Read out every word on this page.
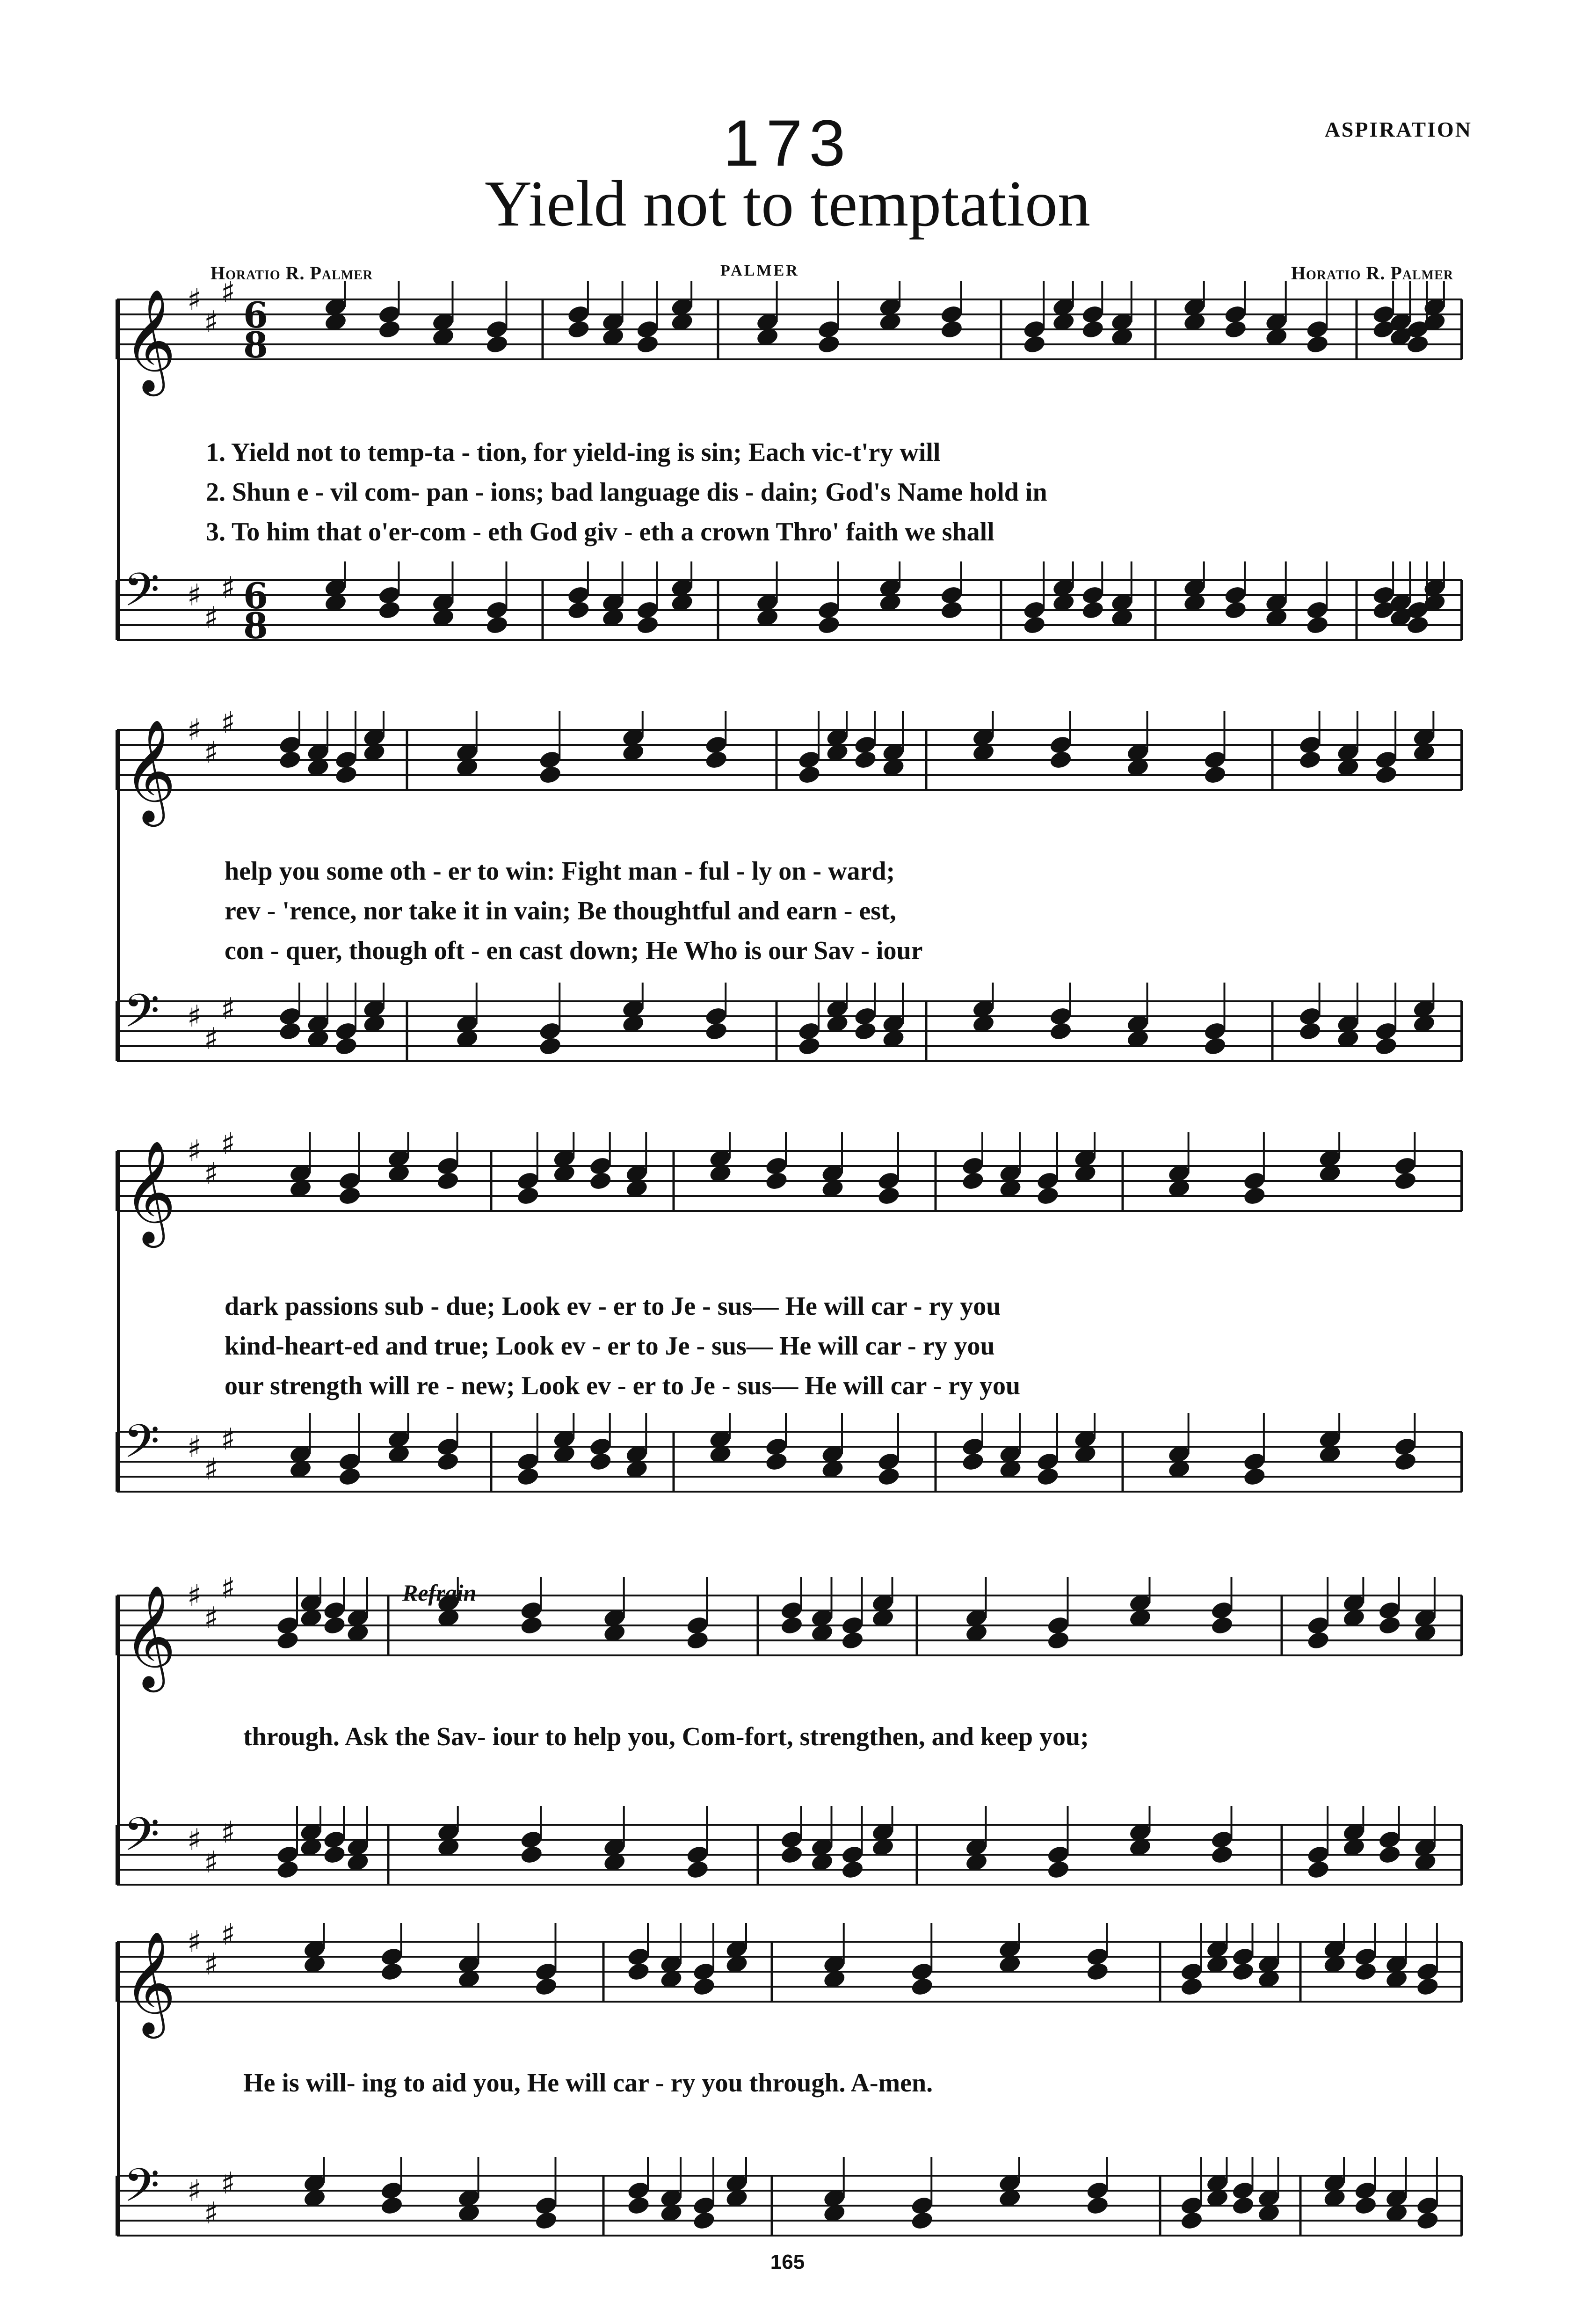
173	ASPIRATION
Yield not to temptation
Horatio R. Palmer	PALMER	Horatio R. Palmer
𝄞 ♯
♯
♯
6
8
𝄢 ♯
♯
♯ 6
8
1. Yield not to temp-ta - tion, for yield-ing is sin; Each vic-t'ry will
2. Shun e - vil com- pan - ions; bad language dis - dain; God's Name hold in
3. To him that o'er-com - eth God giv - eth a crown Thro' faith we shall
𝄞 ♯
♯
♯
𝄢 ♯
♯
♯
help you some oth - er to win: Fight man - ful - ly on - ward;
rev - 'rence, nor take it in vain; Be thoughtful and earn - est,
con - quer, though oft - en cast down; He Who is our Sav - iour
𝄞 ♯
♯
♯
𝄢 ♯
♯
♯
dark passions sub - due; Look ev - er to Je - sus— He will car - ry you
kind-heart-ed and true; Look ev - er to Je - sus— He will car - ry you
our strength will re - new; Look ev - er to Je - sus— He will car - ry you
𝄞 ♯
♯
♯
𝄢 ♯
♯
♯
through. Ask the Sav- iour to help you, Com-fort, strengthen, and keep you;
𝄞 ♯
♯
♯
𝄢 ♯
♯
♯
He is will- ing to aid you, He will car - ry you through. A-men.
Refrain
165
